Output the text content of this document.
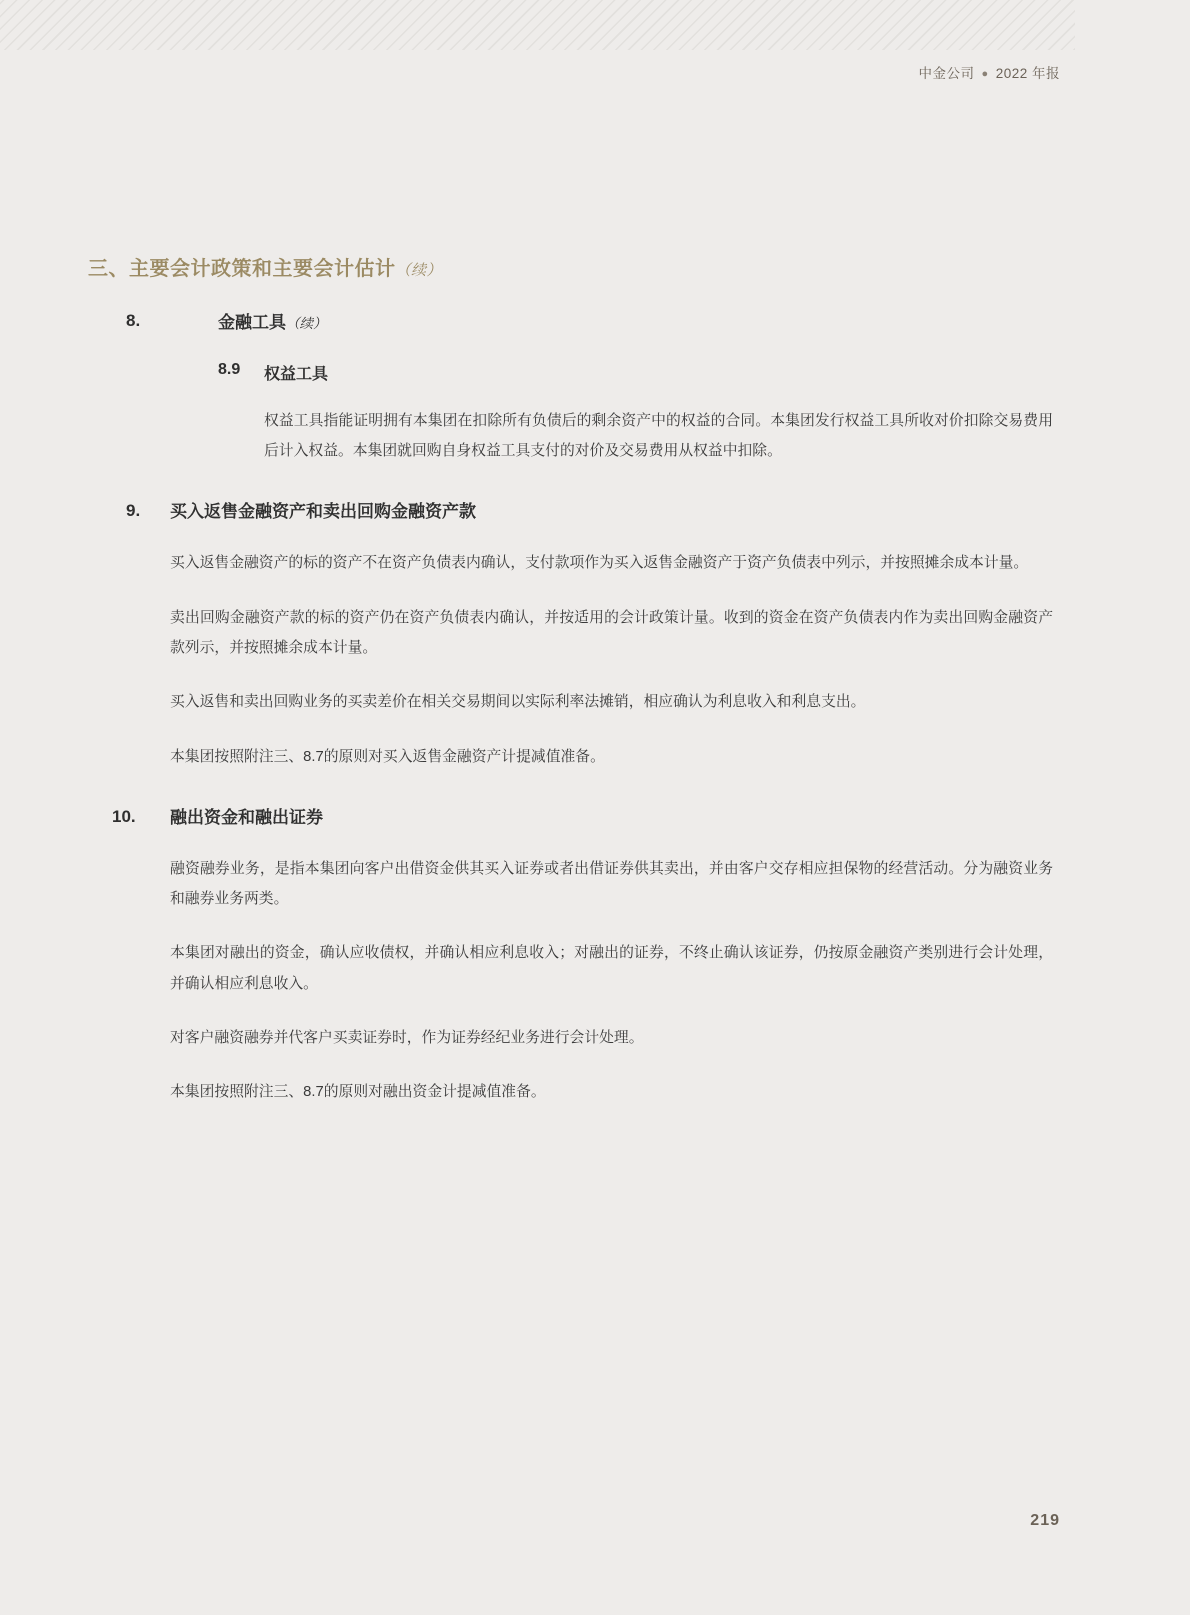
中金公司 ● 2022 年报
三、主要会计政策和主要会计估计（续）
8.	金融工具（续）
8.9 权益工具

权益工具指能证明拥有本集团在扣除所有负债后的剩余资产中的权益的合同。本集团发行权益工具所收对价扣除交易费用后计入权益。本集团就回购自身权益工具支付的对价及交易费用从权益中扣除。

9. 买入返售金融资产和卖出回购金融资产款

买入返售金融资产的标的资产不在资产负债表内确认，支付款项作为买入返售金融资产于资产负债表中列示，并按照摊余成本计量。

卖出回购金融资产款的标的资产仍在资产负债表内确认，并按适用的会计政策计量。收到的资金在资产负债表内作为卖出回购金融资产款列示，并按照摊余成本计量。

买入返售和卖出回购业务的买卖差价在相关交易期间以实际利率法摊销，相应确认为利息收入和利息支出。

本集团按照附注三、8.7的原则对买入返售金融资产计提减值准备。

10. 融出资金和融出证券

融资融券业务，是指本集团向客户出借资金供其买入证券或者出借证券供其卖出，并由客户交存相应担保物的经营活动。分为融资业务和融券业务两类。

本集团对融出的资金，确认应收债权，并确认相应利息收入；对融出的证券，不终止确认该证券，仍按原金融资产类别进行会计处理，并确认相应利息收入。

对客户融资融券并代客户买卖证券时，作为证券经纪业务进行会计处理。

本集团按照附注三、8.7的原则对融出资金计提减值准备。

219
